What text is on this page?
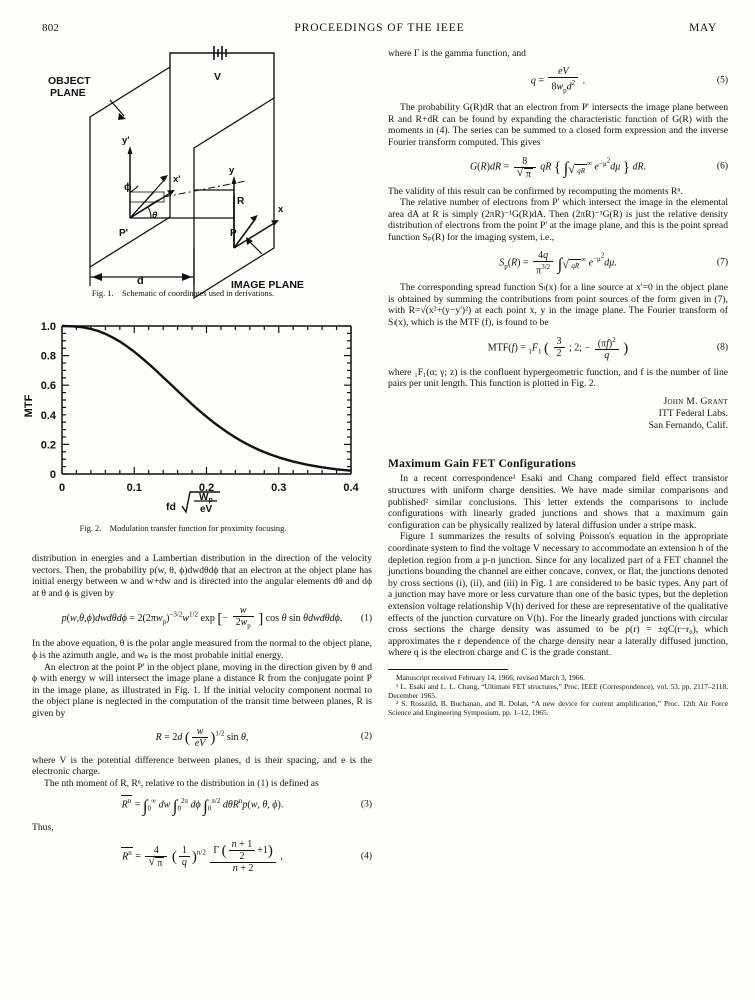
802	PROCEEDINGS OF THE IEEE	MAY
OBJECT
PLANE
IMAGE PLANE
V
d
y'
x'
y
x
P'	P
R
θ
ϕ
Fig. 1. Schematic of coordinates used in derivations.
0	0.1	0.2	0.3	0.4
0
0.2
0.4
0.6
0.8
1.0
MTF
fd
$W_p$
eV
Fig. 2. Modulation transfer function for proximity focusing.

distribution in energies and a Lambertian distribution in the direction of the velocity vectors. Then, the probability p(w, θ, ϕ)dwdθdϕ that an electron at the object plane has initial energy between w and w+dw and is directed into the angular elements dθ and dϕ at θ and ϕ is given by

$p(w,\theta,\phi)dwd\theta d\phi = 2(2\pi w_p)^{-3/2}w^{1/2}$ exp [− $\frac{w}{2w_p}$ ] cos θ sin θdwdθdϕ. (1)

In the above equation, θ is the polar angle measured from the normal to the object plane, ϕ is the azimuth angle, and wₚ is the most probable initial energy.

An electron at the point P' in the object plane, moving in the direction given by θ and ϕ with energy w will intersect the image plane a distance R from the conjugate point P in the image plane, as illustrated in Fig. 1. If the initial velocity component normal to the object plane is neglected in the computation of the transit time between planes, R is given by

R = 2d ( $\frac{w}{eV} )^{1/2}$ sin θ,	(2)

where V is the potential difference between planes, d is their spacing, and e is the electronic charge.

The nth moment of R, Rⁿ, relative to the distribution in (1) is defined as

$R^n = \int_0^\infty$ dw $\int_0^{2\pi}$ dϕ $\int_0^{\pi/2}$ dθR$^n$p(w, θ, ϕ).	(3)

Thus,

$R^n = 4$
√ π ( $\frac{1}{q} )^{n/2} \frac{\Gamma ( \frac{n + 1}{2} +1)}{n + 2}$ ,	(4)

where Γ is the gamma function, and

$q = \frac{eV}{8w_pd^2}$ .	(5)

The probability G(R)dR that an electron from P' intersects the image plane between R and R+dR can be found by expanding the characteristic function of G(R) with the moments in (4). The series can be summed to a closed form expression and the inverse Fourier transform computed. This gives

G(R)dR = 8
√ π qR { ∫ √ $_{qR}$∞ $e^{-\mu^2}d\mu$ } dR.	(6)

The validity of this result can be confirmed by recomputing the moments Rⁿ.

The relative number of electrons from P' which intersect the image in the elemental area dA at R is simply (2πR)⁻¹G(R)dA. Then (2πR)⁻¹G(R) is just the relative density distribution of electrons from the point P' at the image plane, and this is the point spread function Sₚ(R) for the imaging system, i.e.,

$S_p(R) = \frac{4q}{\pi^{3/2}}$ ∫ √ $_{qR}$∞ $e^{-\mu^2}d\mu$.	(7)

The corresponding spread function Sₗ(x) for a line source at x'=0 in the object plane is obtained by summing the contributions from point sources of the form given in (7), with R=√(x²+(y−y')²) at each point x, y in the image plane. The Fourier transform of Sₗ(x), which is the MTF (f), is found to be

$MTF(f) = _1F_1$ ( $\frac{3}{2}$ ; 2; − $\frac{(\pi f)^2}{q}$ )	(8)

where ₁F₁(α; γ; z) is the confluent hypergeometric function, and f is the number of line pairs per unit length. This function is plotted in Fig. 2.

John M. Grant
ITT Federal Labs.
San Fernando, Calif.
Maximum Gain FET Configurations

In a recent correspondence¹ Esaki and Chang compared field effect transistor structures with uniform charge densities. We have made similar comparisons and published² similar conclusions. This letter extends the comparisons to include configurations with linearly graded junctions and shows that a maximum gain configuration can be physically realized by lateral diffusion under a stripe mask.

Figure 1 summarizes the results of solving Poisson's equation in the appropriate coordinate system to find the voltage V necessary to accommodate an extension h of the depletion region from a p-n junction. Since for any localized part of a FET channel the junctions bounding the channel are either concave, convex, or flat, the junctions denoted by cross sections (i), (ii), and (iii) in Fig. 1 are considered to be basic types. Any part of a junction may have more or less curvature than one of the basic types, but the depletion extension voltage relationship V(h) derived for these are representative of the qualitative effects of the junction curvature on V(h). For the linearly graded junctions with circular cross sections the charge density was assumed to be ρ(r) = ±qC(r−r₀), which approximates the r dependence of the charge density near a laterally diffused junction, where q is the electron charge and C is the grade constant.

Manuscript received February 14, 1966; revised March 3, 1966.

¹ L. Esaki and L. L. Chang, “Ultimate FET structures,” Proc. IEEE (Correspondence), vol. 53, pp. 2117–2118, December 1965.

² S. Rosszild, B. Buchanan, and R. Dolan, “A new device for current amplification,” Proc. 12th Air Force Science and Engineering Symposium, pp. 1–12, 1965.
